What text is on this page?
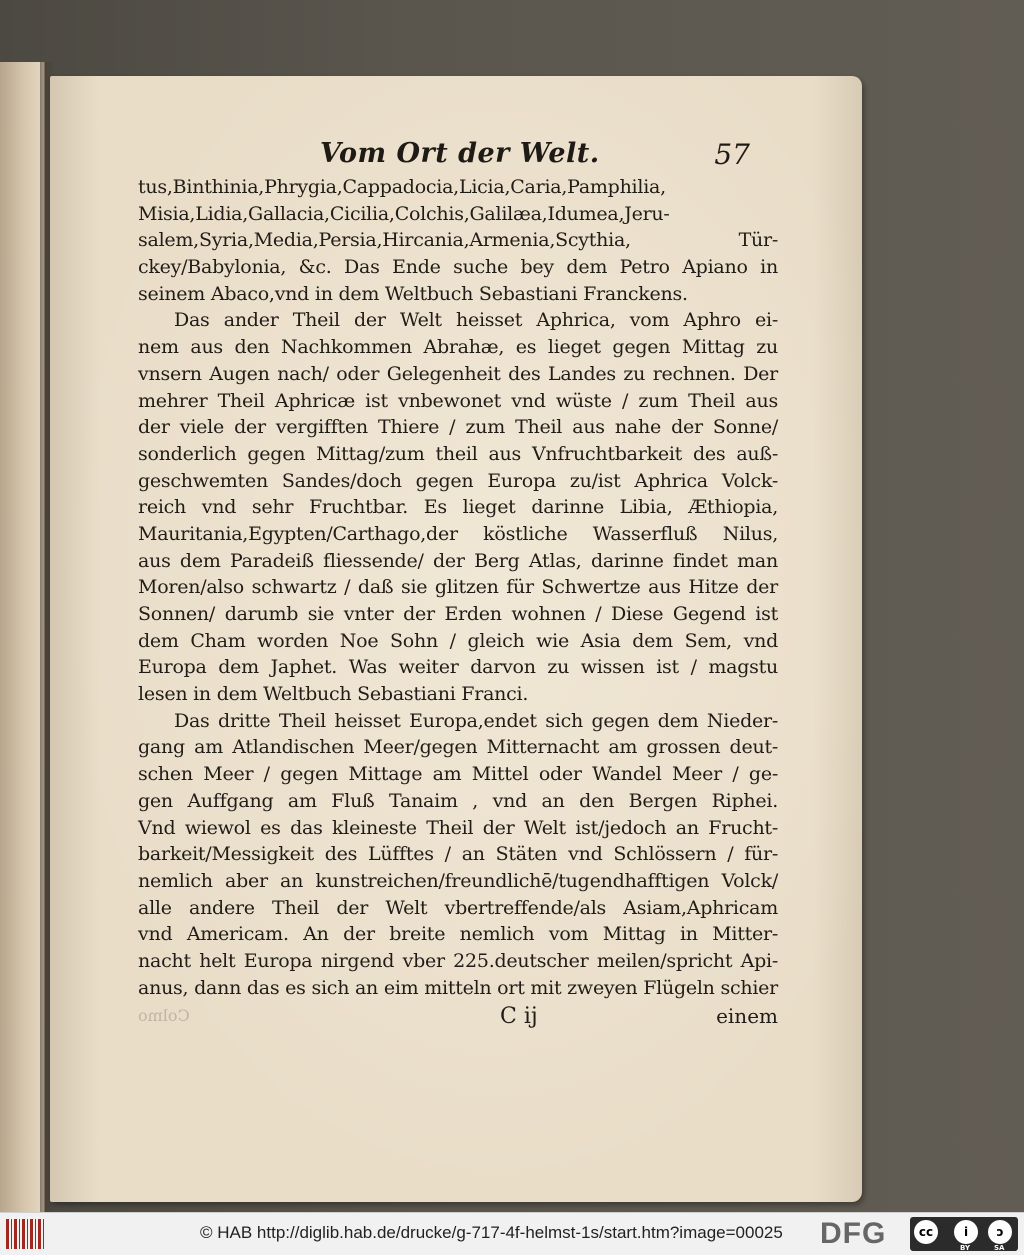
Vom Ort der Welt.	57
tus,Binthinia,Phrygia,Cappadocia,Licia,Caria,Pamphilia,
Misia,Lidia,Gallacia,Cicilia,Colchis,Galilæa,Idumea,Jeru-
salem,Syria,Media,Persia,Hircania,Armenia,Scythia, Tür-
ckey/Babylonia, &c. Das Ende suche bey dem Petro Apiano in
seinem Abaco,vnd in dem Weltbuch Sebastiani Franckens.
Das ander Theil der Welt heisset Aphrica, vom Aphro ei-
nem aus den Nachkommen Abrahæ, es lieget gegen Mittag zu
vnsern Augen nach/ oder Gelegenheit des Landes zu rechnen. Der
mehrer Theil Aphricæ ist vnbewonet vnd wüste / zum Theil aus
der viele der vergifften Thiere / zum Theil aus nahe der Sonne/
sonderlich gegen Mittag/zum theil aus Vnfruchtbarkeit des auß-
geschwemten Sandes/doch gegen Europa zu/ist Aphrica Volck-
reich vnd sehr Fruchtbar. Es lieget darinne Libia, Æthiopia,
Mauritania,Egypten/Carthago,der köstliche Wasserfluß Nilus,
aus dem Paradeiß fliessende/ der Berg Atlas, darinne findet man
Moren/also schwartz / daß sie glitzen für Schwertze aus Hitze der
Sonnen/ darumb sie vnter der Erden wohnen / Diese Gegend ist
dem Cham worden Noe Sohn / gleich wie Asia dem Sem, vnd
Europa dem Japhet. Was weiter darvon zu wissen ist / magstu
lesen in dem Weltbuch Sebastiani Franci.
Das dritte Theil heisset Europa,endet sich gegen dem Nieder-
gang am Atlandischen Meer/gegen Mitternacht am grossen deut-
schen Meer / gegen Mittage am Mittel oder Wandel Meer / ge-
gen Auffgang am Fluß Tanaim , vnd an den Bergen Riphei.
Vnd wiewol es das kleineste Theil der Welt ist/jedoch an Frucht-
barkeit/Messigkeit des Lüfftes / an Stäten vnd Schlössern / für-
nemlich aber an kunstreichen/freundlichē/tugendhafftigen Volck/
alle andere Theil der Welt vbertreffende/als Asiam,Aphricam
vnd Americam. An der breite nemlich vom Mittag in Mitter-
nacht helt Europa nirgend vber 225.deutscher meilen/spricht Api-
anus, dann das es sich an eim mitteln ort mit zweyen Flügeln schier
Colmo	C ij	einem
© HAB http://diglib.hab.de/drucke/g-717-4f-helmst-1s/start.htm?image=00025 DFG	cc	i	ↄ
BY	SA
